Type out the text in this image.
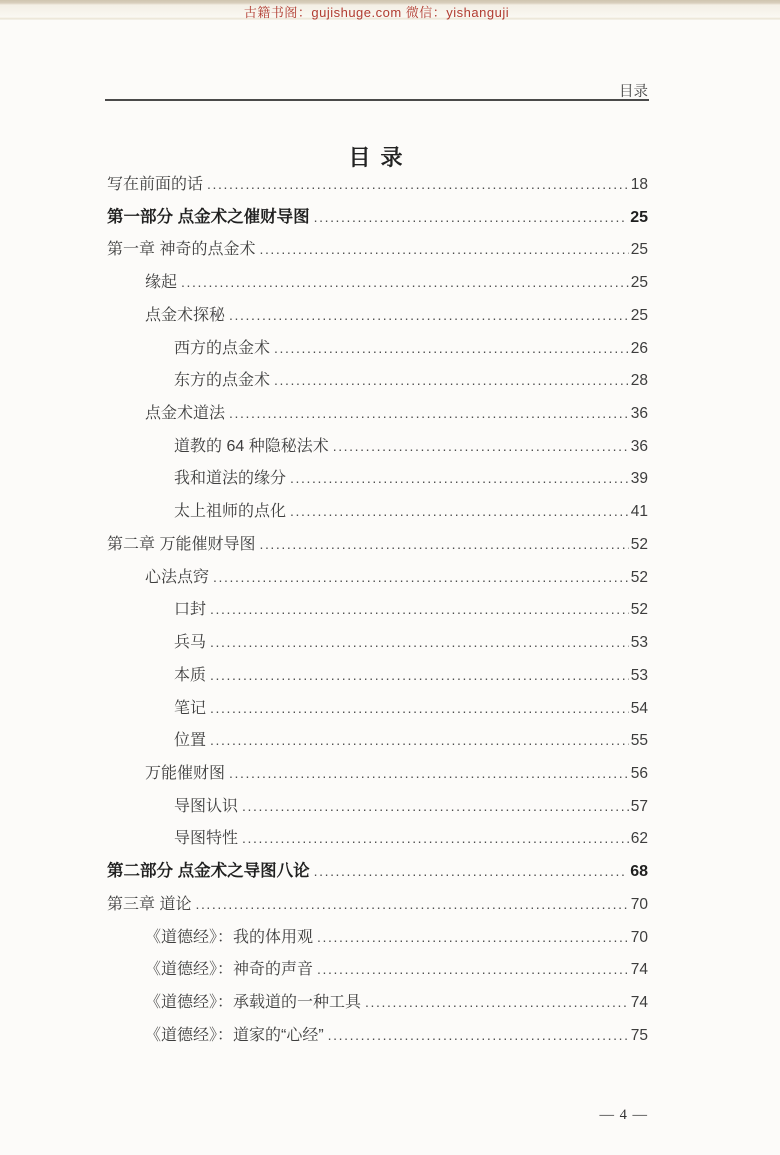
古籍书阁：gujishuge.com 微信：yishanguji
目录
目 录
写在前面的话 .....	18
第一部分 点金术之催财导图 .....	25
第一章 神奇的点金术 .....	25
缘起 .....	25
点金术探秘 .....	25
西方的点金术 .....	26
东方的点金术 .....	28
点金术道法 .....	36
道教的 64 种隐秘法术 .....	36
我和道法的缘分 .....	39
太上祖师的点化 .....	41
第二章 万能催财导图 .....	52
心法点窍 .....	52
口封 .....	52
兵马 .....	53
本质 .....	53
笔记 .....	54
位置 .....	55
万能催财图 .....	56
导图认识 .....	57
导图特性 .....	62
第二部分 点金术之导图八论 .....	68
第三章 道论 .....	70
《道德经》：我的体用观 .....	70
《道德经》：神奇的声音 .....	74
《道德经》：承载道的一种工具 .....	74
《道德经》：道家的“心经” .....	75
— 4 —
